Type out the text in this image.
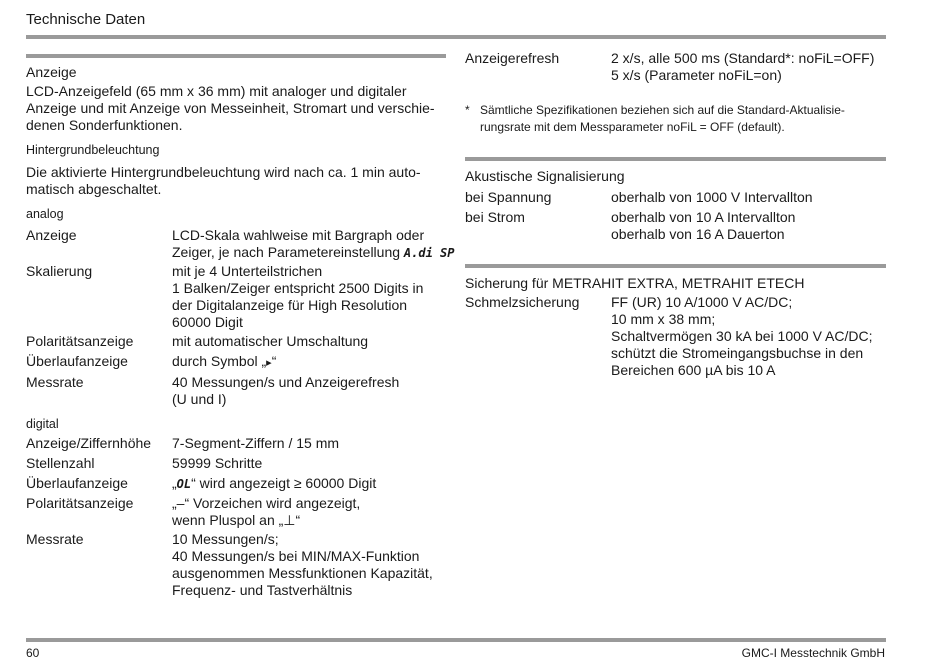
Technische Daten
Anzeige
LCD-Anzeigefeld (65 mm x 36 mm) mit analoger und digitaler
Anzeige und mit Anzeige von Messeinheit, Stromart und verschie-
denen Sonderfunktionen.
Hintergrundbeleuchtung
Die aktivierte Hintergrundbeleuchtung wird nach ca. 1 min auto-
matisch abgeschaltet.
analog
Anzeige	LCD-Skala wahlweise mit Bargraph oder
Zeiger, je nach Parametereinstellung A.di SP
Skalierung	mit je 4 Unterteilstrichen
1 Balken/Zeiger entspricht 2500 Digits in
der Digitalanzeige für High Resolution
60000 Digit
Polaritätsanzeige	mit automatischer Umschaltung
Überlaufanzeige	durch Symbol „▸“
Messrate	40 Messungen/s und Anzeigerefresh
(U und I)
digital
Anzeige/Ziffernhöhe 7-Segment-Ziffern / 15 mm
Stellenzahl	59999 Schritte
Überlaufanzeige	„OL“ wird angezeigt ≥ 60000 Digit
Polaritätsanzeige	„–“ Vorzeichen wird angezeigt,
wenn Pluspol an „⊥“
Messrate	10 Messungen/s;
40 Messungen/s bei MIN/MAX-Funktion
ausgenommen Messfunktionen Kapazität,
Frequenz- und Tastverhältnis
Anzeigerefresh	2 x/s, alle 500 ms (Standard*: noFiL=OFF)
5 x/s (Parameter noFiL=on)
* Sämtliche Spezifikationen beziehen sich auf die Standard-Aktualisie-
rungsrate mit dem Messparameter noFiL = OFF (default).
Akustische Signalisierung
bei Spannung	oberhalb von 1000 V Intervallton
bei Strom	oberhalb von 10 A Intervallton
oberhalb von 16 A Dauerton
Sicherung für METRAHIT EXTRA, METRAHIT ETECH
Schmelzsicherung FF (UR) 10 A/1000 V AC/DC;
10 mm x 38 mm;
Schaltvermögen 30 kA bei 1000 V AC/DC;
schützt die Stromeingangsbuchse in den
Bereichen 600 µA bis 10 A
60	GMC-I Messtechnik GmbH
